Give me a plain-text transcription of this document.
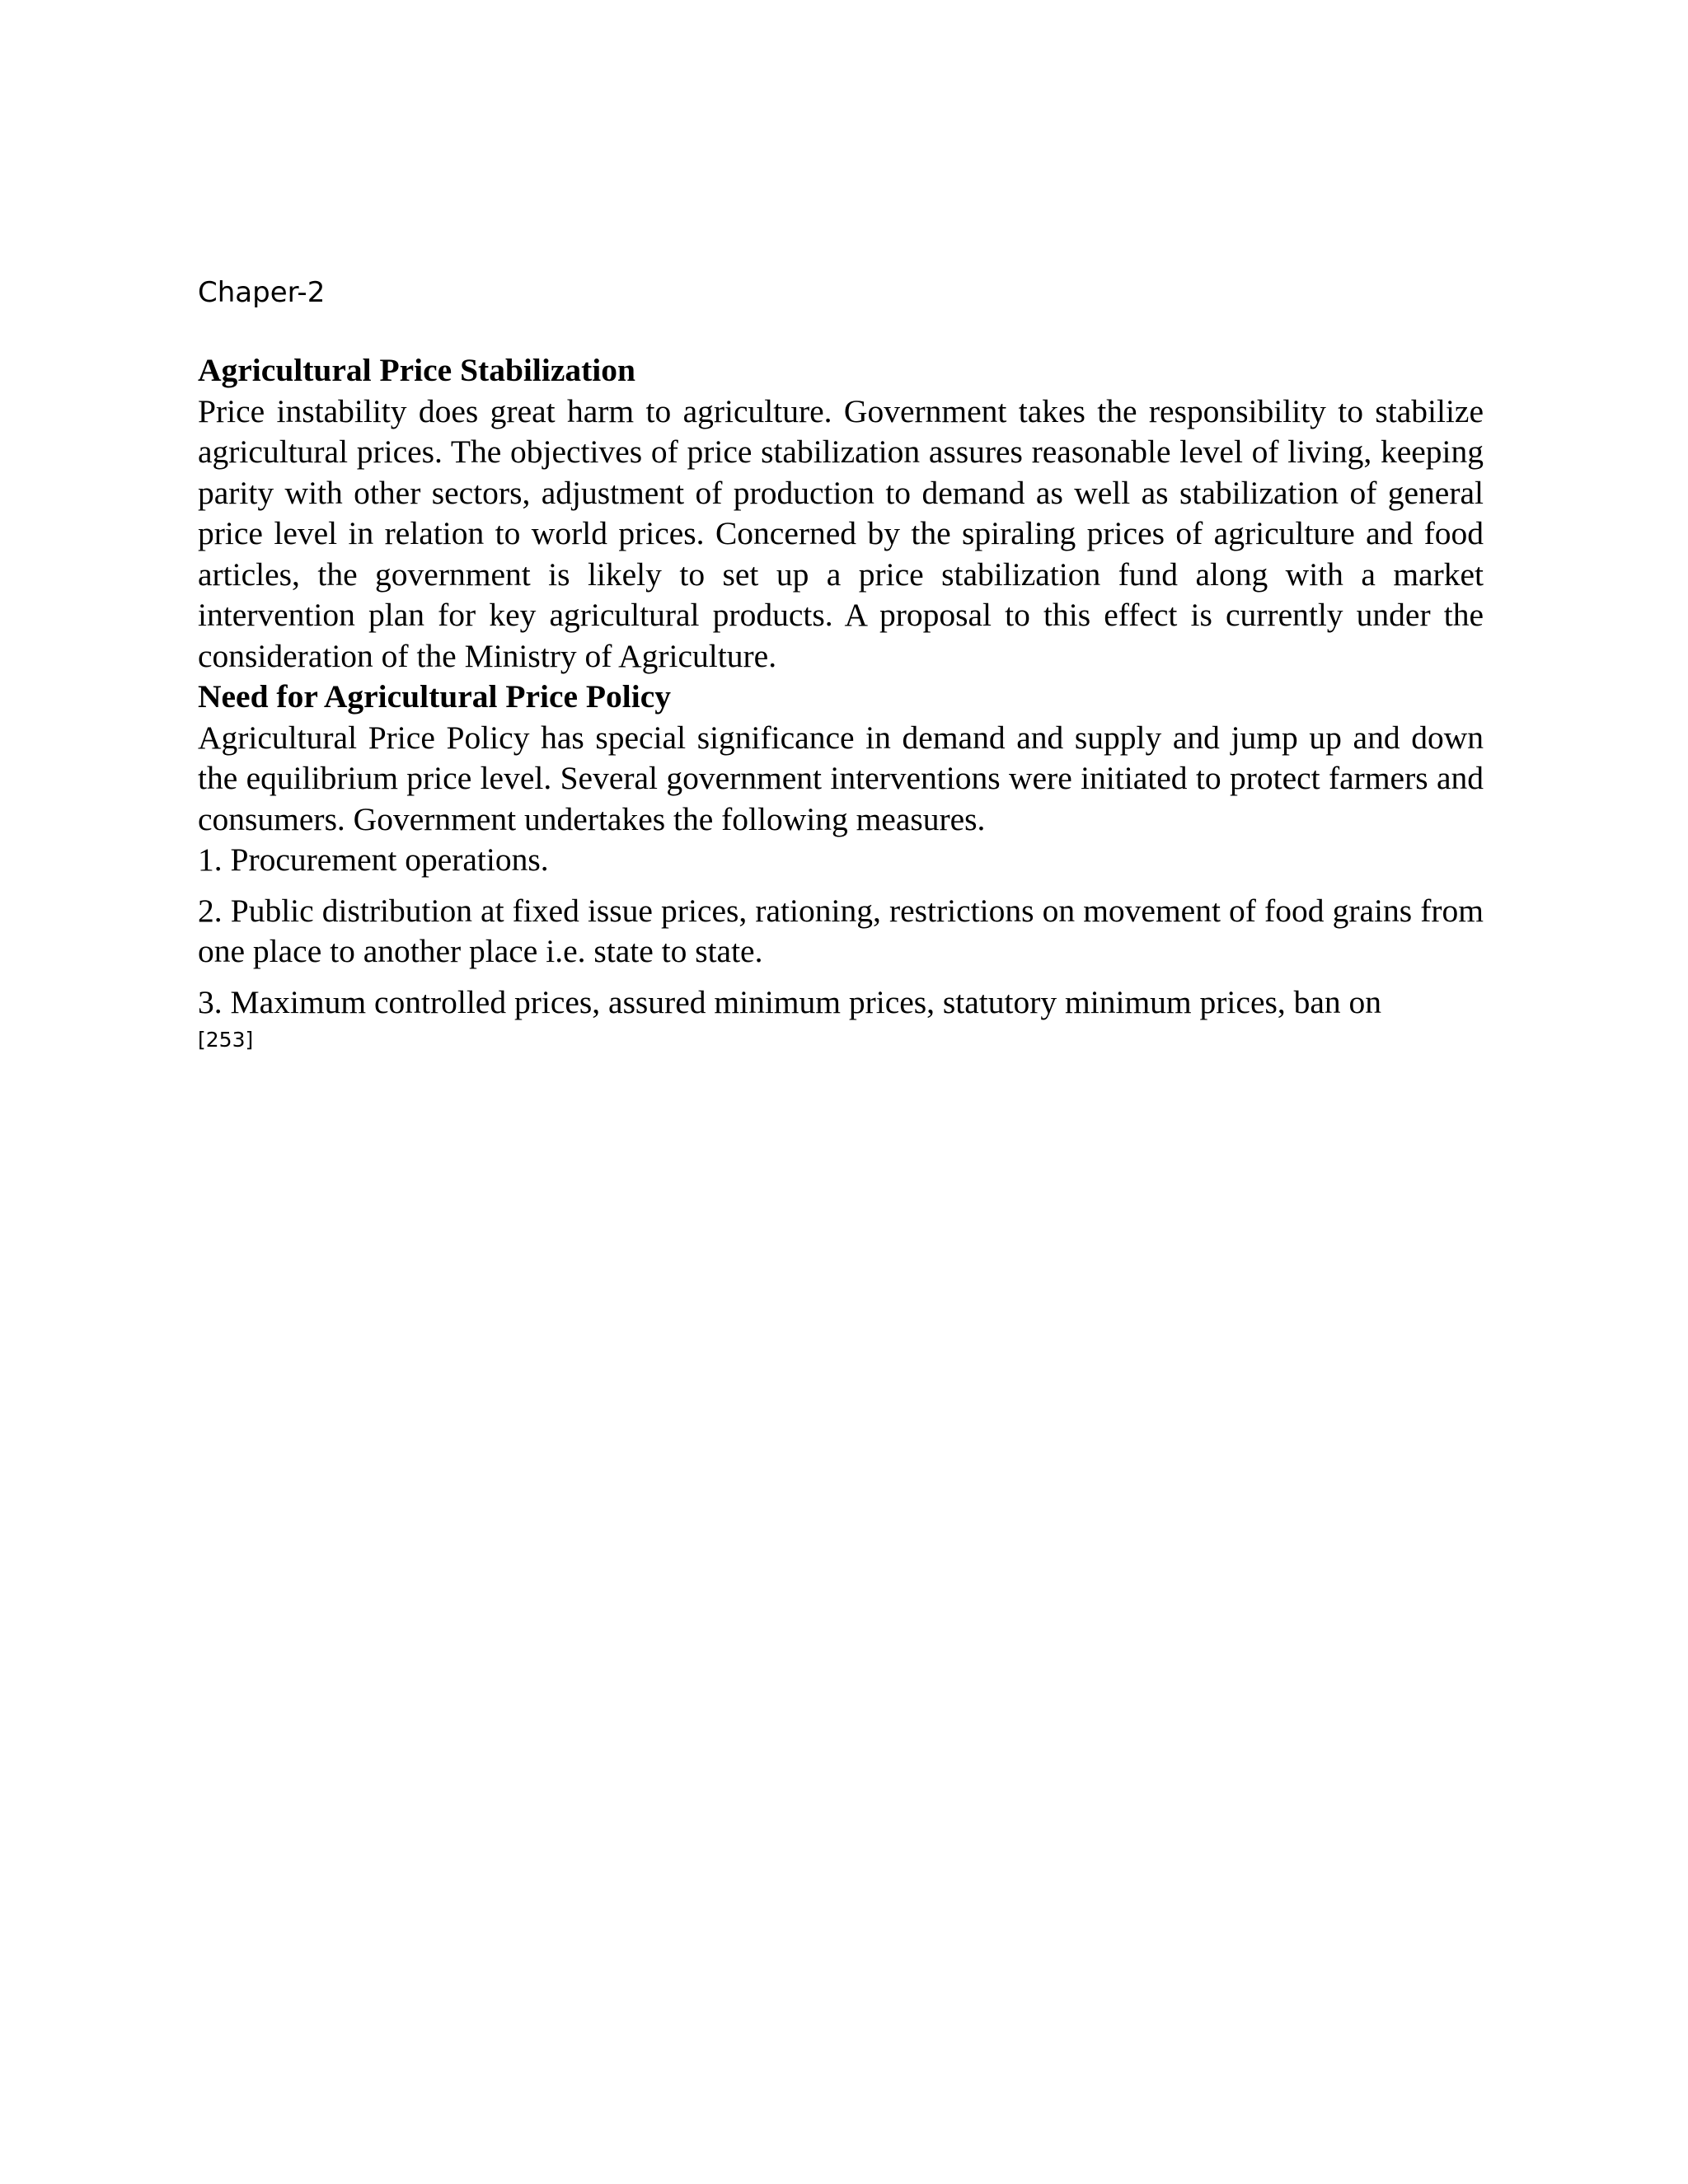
Chaper-2

Agricultural Price Stabilization

Price instability does great harm to agriculture. Government takes the responsibility to stabilize agricultural prices. The objectives of price stabilization assures reasonable level of living, keeping parity with other sectors, adjustment of production to demand as well as stabilization of general price level in relation to world prices. Concerned by the spiraling prices of agriculture and food articles, the government is likely to set up a price stabilization fund along with a market intervention plan for key agricultural products. A proposal to this effect is currently under the consideration of the Ministry of Agriculture.

Need for Agricultural Price Policy

Agricultural Price Policy has special significance in demand and supply and jump up and down the equilibrium price level. Several government interventions were initiated to protect farmers and consumers. Government undertakes the following measures.

1. Procurement operations.

2. Public distribution at fixed issue prices, rationing, restrictions on movement of food grains from one place to another place i.e. state to state.

3. Maximum controlled prices, assured minimum prices, statutory minimum prices, ban on

[253]
